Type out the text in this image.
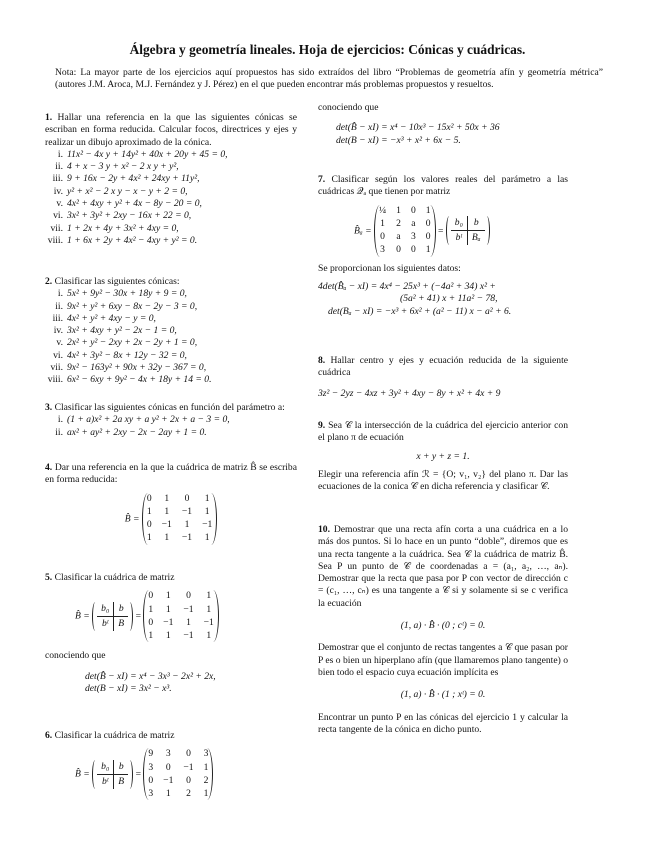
Álgebra y geometría lineales. Hoja de ejercicios: Cónicas y cuádricas.
Nota: La mayor parte de los ejercicios aquí propuestos has sido extraídos del libro “Problemas de geometría afín y geometría métrica” (autores J.M. Aroca, M.J. Fernández y J. Pérez) en el que pueden encontrar más problemas propuestos y resueltos.
1. Hallar una referencia en la que las siguientes cónicas se escriban en forma reducida. Calcular focos, directrices y ejes y realizar un dibujo aproximado de la cónica.
i. 11x² − 4x y + 14y² + 40x + 20y + 45 = 0,
ii. 4 + x − 3 y + x² − 2 x y + y²,
iii. 9 + 16x − 2y + 4x² + 24xy + 11y²,
iv. y² + x² − 2 x y − x − y + 2 = 0,
v. 4x² + 4xy + y² + 4x − 8y − 20 = 0,
vi. 3x² + 3y² + 2xy − 16x + 22 = 0,
vii. 1 + 2x + 4y + 3x² + 4xy = 0,
viii. 1 + 6x + 2y + 4x² − 4xy + y² = 0.
2. Clasificar las siguientes cónicas:
i. 5x² + 9y² − 30x + 18y + 9 = 0,
ii. 9x² + y² + 6xy − 8x − 2y − 3 = 0,
iii. 4x² + y² + 4xy − y = 0,
iv. 3x² + 4xy + y² − 2x − 1 = 0,
v. 2x² + y² − 2xy + 2x − 2y + 1 = 0,
vi. 4x² + 3y² − 8x + 12y − 32 = 0,
vii. 9x² − 163y² + 90x + 32y − 367 = 0,
viii. 6x² − 6xy + 9y² − 4x + 18y + 14 = 0.
3. Clasificar las siguientes cónicas en función del parámetro a:
i. (1 + a)x² + 2a xy + a y² + 2x + a − 3 = 0,
ii. ax² + ay² + 2xy − 2x − 2ay + 1 = 0.
4. Dar una referencia en la que la cuádrica de matriz B̂ se escriba en forma reducida:
B̂ =
0 1 0 1
1 1 −1 1
0 −1 1 −1
1 1 −1 1
5. Clasificar la cuádrica de matriz
B̂ =
b₀ b
bᵗ	B
=
0 1 0 1
1 1 −1 1
0 −1 1 −1
1 1 −1 1
conociendo que
det(B̂ − xI) = x⁴ − 3x³ − 2x² + 2x,
det(B − xI) = 3x² − x³.
6. Clasificar la cuádrica de matriz
B̂ =
b₀ b
bᵗ	B
=
9 3 0 3
3 0 −1 1
0 −1 0 2
3 1 2 1
conociendo que
det(B̂ − xI) = x⁴ − 10x³ − 15x² + 50x + 36
det(B − xI) = −x³ + x² + 6x − 5.
7. Clasificar según los valores reales del parámetro a las cuádricas 𝒬ₐ que tienen por matriz
B̂ₐ =
¼ 1 0 1
1 2 a 0
0 a 3 0
3 0 0 1
=
b₀	b
bᵗ	Bₐ
Se proporcionan los siguientes datos:
4det(B̂ₐ − xI) = 4x⁴ − 25x³ + (−4a² + 34) x² +
(5a² + 41) x + 11a² − 78,
det(Bₐ − xI) = −x³ + 6x² + (a² − 11) x − a² + 6.
8. Hallar centro y ejes y ecuación reducida de la siguiente cuádrica
3z² − 2yz − 4xz + 3y² + 4xy − 8y + x² + 4x + 9
9. Sea 𝒞 la intersección de la cuádrica del ejercicio anterior con el plano π de ecuación
x + y + z = 1.
Elegir una referencia afín ℛ = {O; v₁, v₂} del plano π. Dar las ecuaciones de la conica 𝒞 en dicha referencia y clasificar 𝒞.
10. Demostrar que una recta afín corta a una cuádrica en a lo más dos puntos. Si lo hace en un punto “doble”, diremos que es una recta tangente a la cuádrica. Sea 𝒞 la cuádrica de matriz B̂. Sea P un punto de 𝒞 de coordenadas a = (a₁, a₂, …, aₙ). Demostrar que la recta que pasa por P con vector de dirección c = (c₁, …, cₙ) es una tangente a 𝒞 si y solamente si se c verifica la ecuación
(1, a) · B̂ · (0 ; cᵗ) = 0.
Demostrar que el conjunto de rectas tangentes a 𝒞 que pasan por P es o bien un hiperplano afín (que llamaremos plano tangente) o bien todo el espacio cuya ecuación implícita es
(1, a) · B̂ · (1 ; xᵗ) = 0.
Encontrar un punto P en las cónicas del ejercicio 1 y calcular la recta tangente de la cónica en dicho punto.
